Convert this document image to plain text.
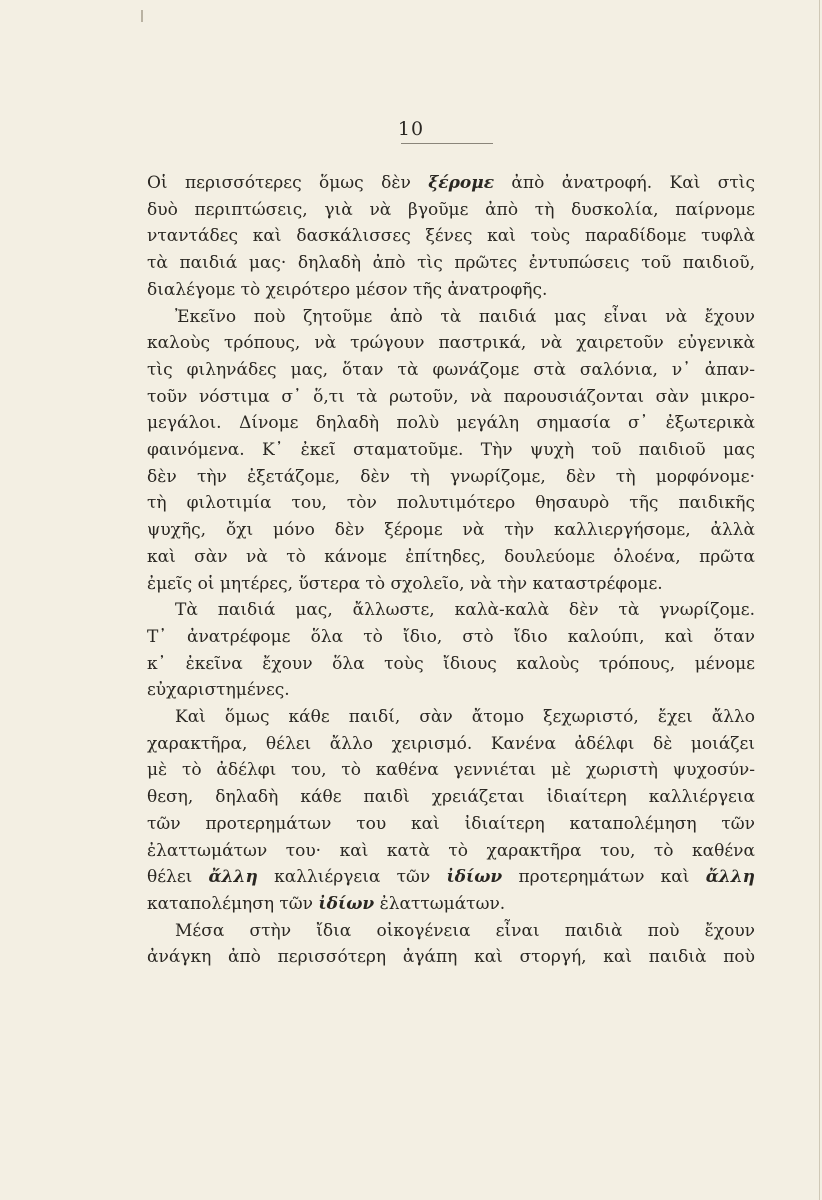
10

Οἱ περισσότερες ὅμως δὲν ξέρομε ἀπὸ ἀνατροφή. Καὶ στὶς
δυὸ περιπτώσεις, γιὰ νὰ βγοῦμε ἀπὸ τὴ δυσκολία, παίρνομε
νταντάδες καὶ δασκάλισσες ξένες καὶ τοὺς παραδίδομε τυφλὰ
τὰ παιδιά μας· δηλαδὴ ἀπὸ τὶς πρῶτες ἐντυπώσεις τοῦ παιδιοῦ,
διαλέγομε τὸ χειρότερο μέσον τῆς ἀνατροφῆς.

Ἐκεῖνο ποὺ ζητοῦμε ἀπὸ τὰ παιδιά μας εἶναι νὰ ἔχουν
καλοὺς τρόπους, νὰ τρώγουν παστρικά, νὰ χαιρετοῦν εὐγενικὰ
τὶς φιληνάδες μας, ὅταν τὰ φωνάζομε στὰ σαλόνια, ν᾿ ἀπαν-
τοῦν νόστιμα σ᾿ ὅ,τι τὰ ρωτοῦν, νὰ παρουσιάζονται σὰν μικρο-
μεγάλοι. Δίνομε δηλαδὴ πολὺ μεγάλη σημασία σ᾿ ἐξωτερικὰ
φαινόμενα. Κ᾿ ἐκεῖ σταματοῦμε. Τὴν ψυχὴ τοῦ παιδιοῦ μας
δὲν τὴν ἐξετάζομε, δὲν τὴ γνωρίζομε, δὲν τὴ μορφόνομε·
τὴ φιλοτιμία του, τὸν πολυτιμότερο θησαυρὸ τῆς παιδικῆς
ψυχῆς, ὄχι μόνο δὲν ξέρομε νὰ τὴν καλλιεργήσομε, ἀλλὰ
καὶ σὰν νὰ τὸ κάνομε ἐπίτηδες, δουλεύομε ὁλοένα, πρῶτα
ἐμεῖς οἱ μητέρες, ὕστερα τὸ σχολεῖο, νὰ τὴν καταστρέφομε.

Τὰ παιδιά μας, ἄλλωστε, καλὰ-καλὰ δὲν τὰ γνωρίζομε.
Τ᾿ ἀνατρέφομε ὅλα τὸ ἴδιο, στὸ ἴδιο καλούπι, καὶ ὅταν
κ᾿ ἐκεῖνα ἔχουν ὅλα τοὺς ἴδιους καλοὺς τρόπους, μένομε
εὐχαριστημένες.

Καὶ ὅμως κάθε παιδί, σὰν ἄτομο ξεχωριστό, ἔχει ἄλλο
χαρακτῆρα, θέλει ἄλλο χειρισμό. Κανένα ἀδέλφι δὲ μοιάζει
μὲ τὸ ἀδέλφι του, τὸ καθένα γεννιέται μὲ χωριστὴ ψυχοσύν-
θεση, δηλαδὴ κάθε παιδὶ χρειάζεται ἰδιαίτερη καλλιέργεια
τῶν προτερημάτων του καὶ ἰδιαίτερη καταπολέμηση τῶν
ἐλαττωμάτων του· καὶ κατὰ τὸ χαρακτῆρα του, τὸ καθένα
θέλει ἄλλη καλλιέργεια τῶν ἰδίων προτερημάτων καὶ ἄλλη
καταπολέμηση τῶν ἰδίων ἐλαττωμάτων.

Μέσα στὴν ἴδια οἰκογένεια εἶναι παιδιὰ ποὺ ἔχουν
ἀνάγκη ἀπὸ περισσότερη ἀγάπη καὶ στοργή, καὶ παιδιὰ ποὺ
